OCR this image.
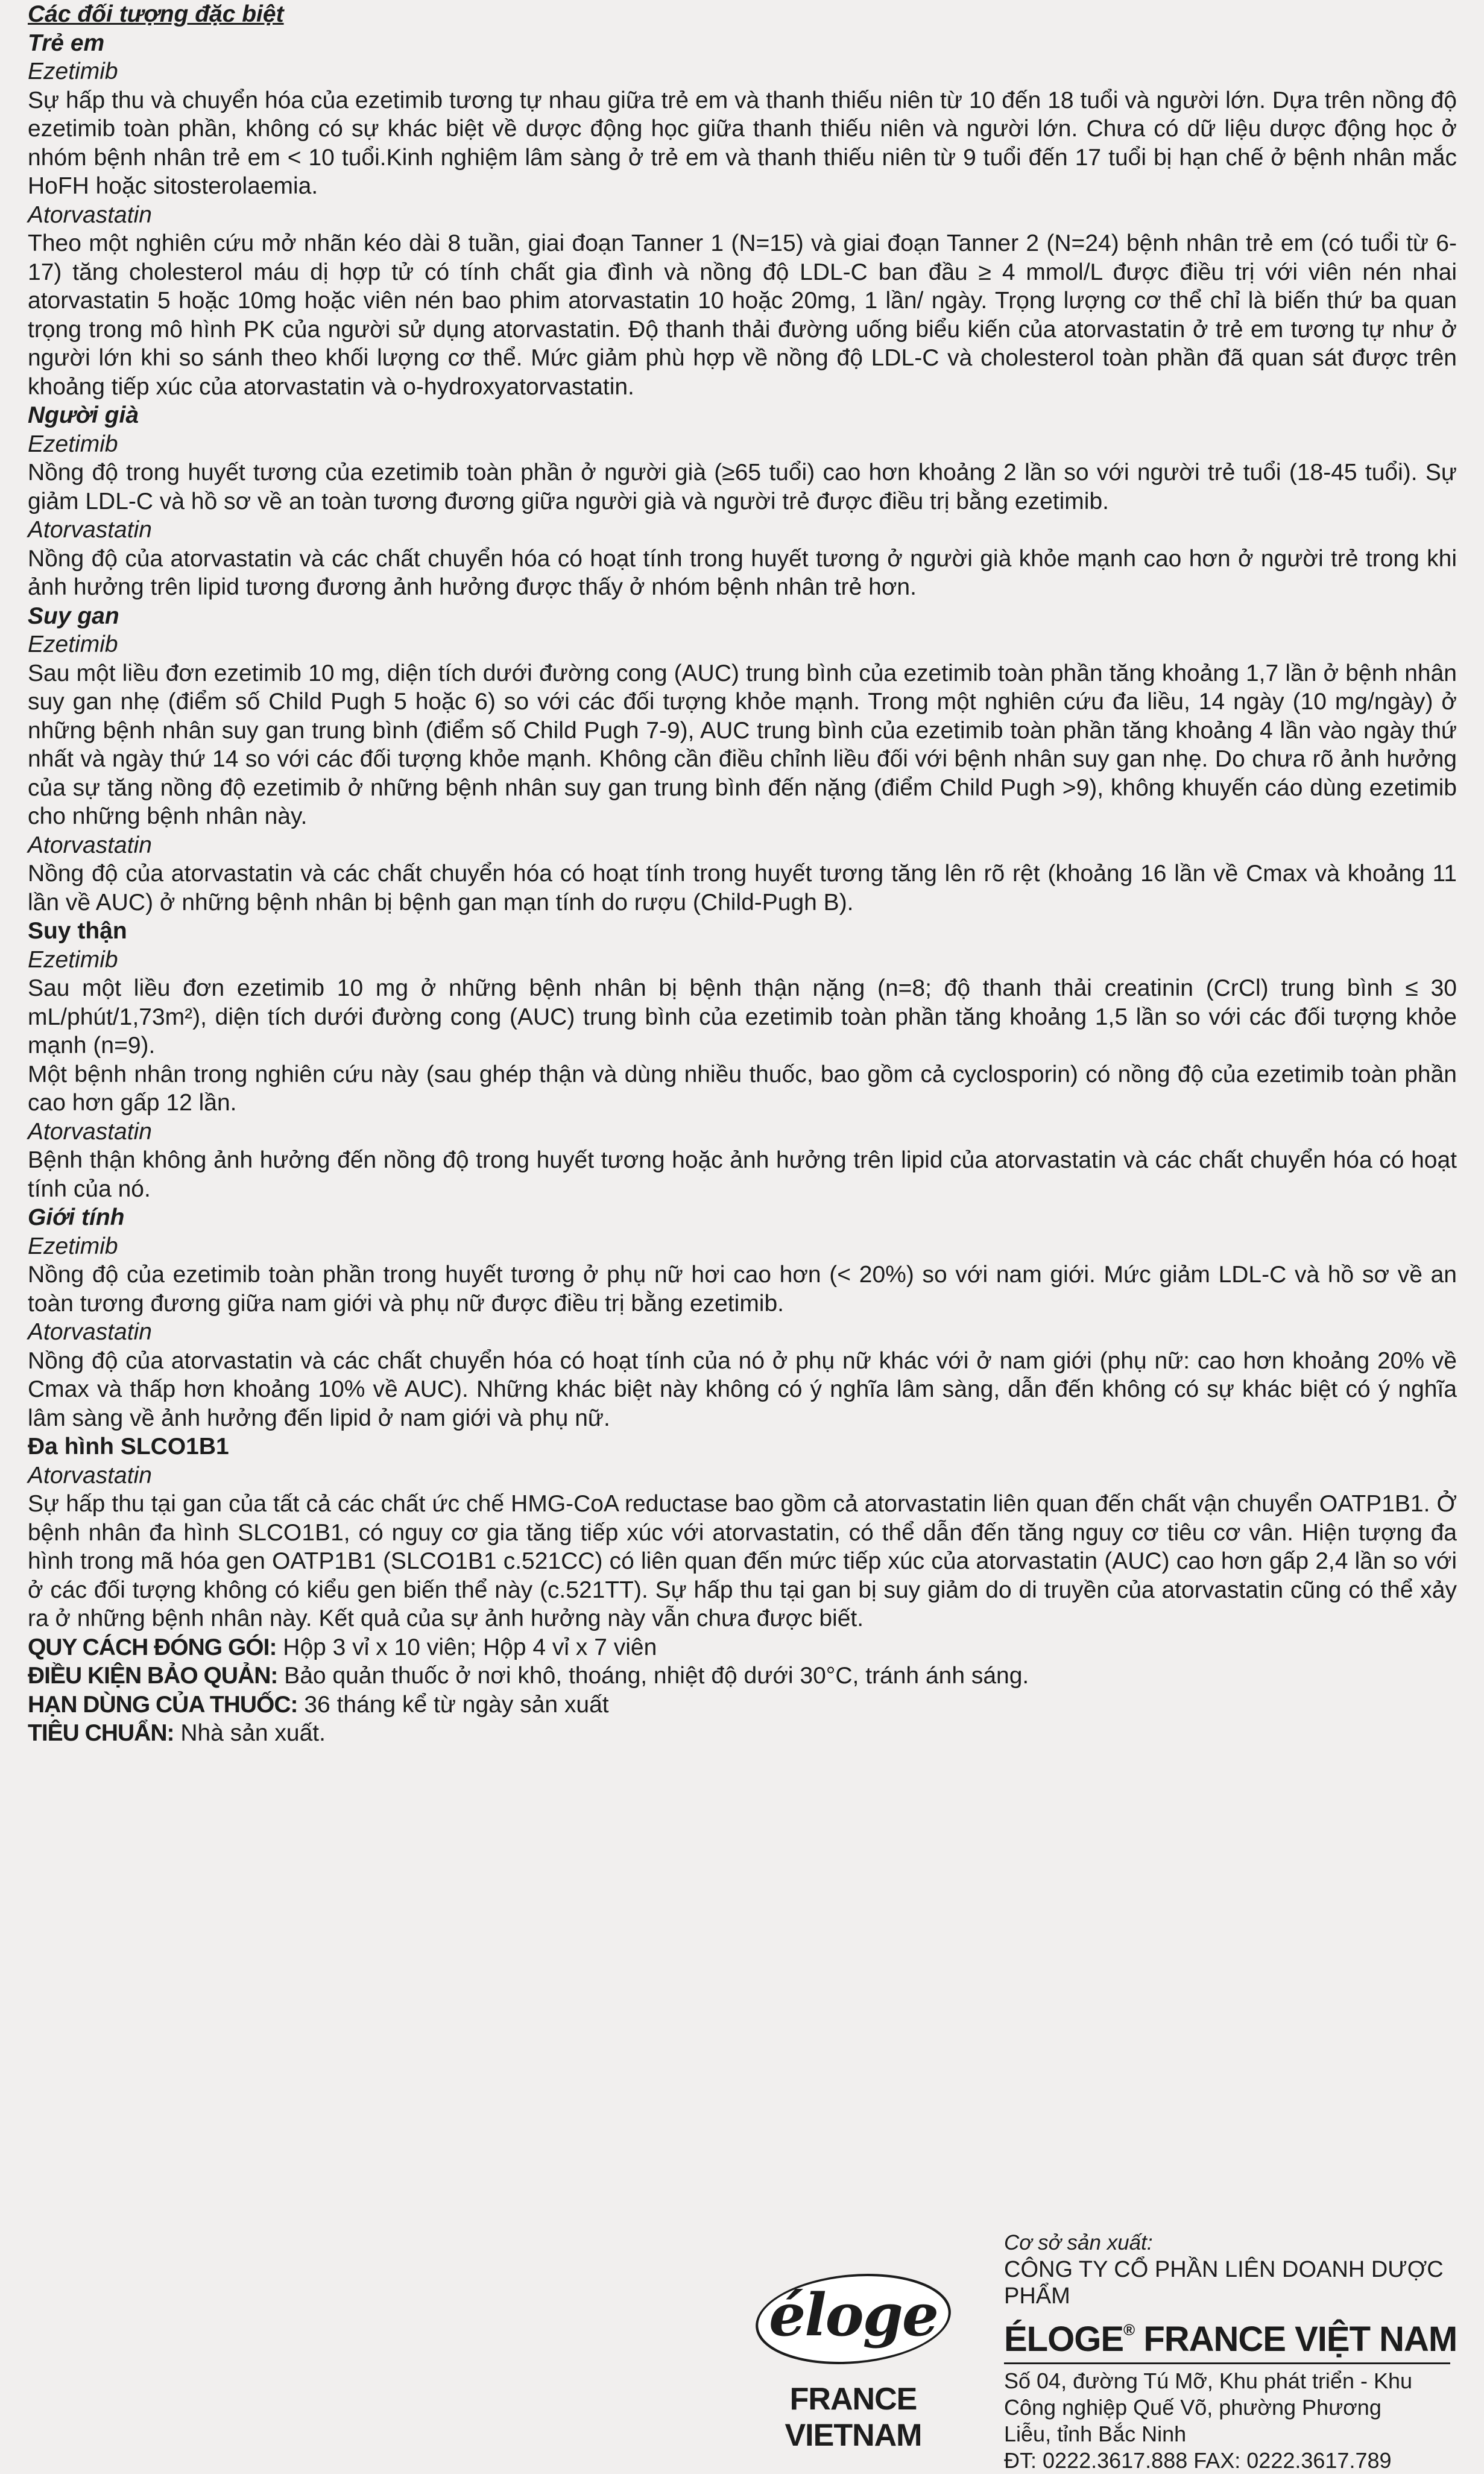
Các đối tượng đặc biệt
Trẻ em
Ezetimib
Sự hấp thu và chuyển hóa của ezetimib tương tự nhau giữa trẻ em và thanh thiếu niên từ 10 đến 18 tuổi và người lớn. Dựa trên nồng độ ezetimib toàn phần, không có sự khác biệt về dược động học giữa thanh thiếu niên và người lớn. Chưa có dữ liệu dược động học ở nhóm bệnh nhân trẻ em < 10 tuổi.Kinh nghiệm lâm sàng ở trẻ em và thanh thiếu niên từ 9 tuổi đến 17 tuổi bị hạn chế ở bệnh nhân mắc HoFH hoặc sitosterolaemia.
Atorvastatin
Theo một nghiên cứu mở nhãn kéo dài 8 tuần, giai đoạn Tanner 1 (N=15) và giai đoạn Tanner 2 (N=24) bệnh nhân trẻ em (có tuổi từ 6-17) tăng cholesterol máu dị hợp tử có tính chất gia đình và nồng độ LDL-C ban đầu ≥ 4 mmol/L được điều trị với viên nén nhai atorvastatin 5 hoặc 10mg hoặc viên nén bao phim atorvastatin 10 hoặc 20mg, 1 lần/ ngày. Trọng lượng cơ thể chỉ là biến thứ ba quan trọng trong mô hình PK của người sử dụng atorvastatin. Độ thanh thải đường uống biểu kiến của atorvastatin ở trẻ em tương tự như ở người lớn khi so sánh theo khối lượng cơ thể. Mức giảm phù hợp về nồng độ LDL-C và cholesterol toàn phần đã quan sát được trên khoảng tiếp xúc của atorvastatin và o-hydroxyatorvastatin.
Người già
Ezetimib
Nồng độ trong huyết tương của ezetimib toàn phần ở người già (≥65 tuổi) cao hơn khoảng 2 lần so với người trẻ tuổi (18-45 tuổi). Sự giảm LDL-C và hồ sơ về an toàn tương đương giữa người già và người trẻ được điều trị bằng ezetimib.
Atorvastatin
Nồng độ của atorvastatin và các chất chuyển hóa có hoạt tính trong huyết tương ở người già khỏe mạnh cao hơn ở người trẻ trong khi ảnh hưởng trên lipid tương đương ảnh hưởng được thấy ở nhóm bệnh nhân trẻ hơn.
Suy gan
Ezetimib
Sau một liều đơn ezetimib 10 mg, diện tích dưới đường cong (AUC) trung bình của ezetimib toàn phần tăng khoảng 1,7 lần ở bệnh nhân suy gan nhẹ (điểm số Child Pugh 5 hoặc 6) so với các đối tượng khỏe mạnh. Trong một nghiên cứu đa liều, 14 ngày (10 mg/ngày) ở những bệnh nhân suy gan trung bình (điểm số Child Pugh 7-9), AUC trung bình của ezetimib toàn phần tăng khoảng 4 lần vào ngày thứ nhất và ngày thứ 14 so với các đối tượng khỏe mạnh. Không cần điều chỉnh liều đối với bệnh nhân suy gan nhẹ. Do chưa rõ ảnh hưởng của sự tăng nồng độ ezetimib ở những bệnh nhân suy gan trung bình đến nặng (điểm Child Pugh >9), không khuyến cáo dùng ezetimib cho những bệnh nhân này.
Atorvastatin
Nồng độ của atorvastatin và các chất chuyển hóa có hoạt tính trong huyết tương tăng lên rõ rệt (khoảng 16 lần về Cmax và khoảng 11 lần về AUC) ở những bệnh nhân bị bệnh gan mạn tính do rượu (Child-Pugh B).
Suy thận
Ezetimib
Sau một liều đơn ezetimib 10 mg ở những bệnh nhân bị bệnh thận nặng (n=8; độ thanh thải creatinin (CrCl) trung bình ≤ 30 mL/phút/1,73m²), diện tích dưới đường cong (AUC) trung bình của ezetimib toàn phần tăng khoảng 1,5 lần so với các đối tượng khỏe mạnh (n=9).
Một bệnh nhân trong nghiên cứu này (sau ghép thận và dùng nhiều thuốc, bao gồm cả cyclosporin) có nồng độ của ezetimib toàn phần cao hơn gấp 12 lần.
Atorvastatin
Bệnh thận không ảnh hưởng đến nồng độ trong huyết tương hoặc ảnh hưởng trên lipid của atorvastatin và các chất chuyển hóa có hoạt tính của nó.
Giới tính
Ezetimib
Nồng độ của ezetimib toàn phần trong huyết tương ở phụ nữ hơi cao hơn (< 20%) so với nam giới. Mức giảm LDL-C và hồ sơ về an toàn tương đương giữa nam giới và phụ nữ được điều trị bằng ezetimib.
Atorvastatin
Nồng độ của atorvastatin và các chất chuyển hóa có hoạt tính của nó ở phụ nữ khác với ở nam giới (phụ nữ: cao hơn khoảng 20% về Cmax và thấp hơn khoảng 10% về AUC). Những khác biệt này không có ý nghĩa lâm sàng, dẫn đến không có sự khác biệt có ý nghĩa lâm sàng về ảnh hưởng đến lipid ở nam giới và phụ nữ.
Đa hình SLCO1B1
Atorvastatin
Sự hấp thu tại gan của tất cả các chất ức chế HMG-CoA reductase bao gồm cả atorvastatin liên quan đến chất vận chuyển OATP1B1. Ở bệnh nhân đa hình SLCO1B1, có nguy cơ gia tăng tiếp xúc với atorvastatin, có thể dẫn đến tăng nguy cơ tiêu cơ vân. Hiện tượng đa hình trong mã hóa gen OATP1B1 (SLCO1B1 c.521CC) có liên quan đến mức tiếp xúc của atorvastatin (AUC) cao hơn gấp 2,4 lần so với ở các đối tượng không có kiểu gen biến thể này (c.521TT). Sự hấp thu tại gan bị suy giảm do di truyền của atorvastatin cũng có thể xảy ra ở những bệnh nhân này. Kết quả của sự ảnh hưởng này vẫn chưa được biết.
QUY CÁCH ĐÓNG GÓI: Hộp 3 vỉ x 10 viên; Hộp 4 vỉ x 7 viên
ĐIỀU KIỆN BẢO QUẢN: Bảo quản thuốc ở nơi khô, thoáng, nhiệt độ dưới 30°C, tránh ánh sáng.
HẠN DÙNG CỦA THUỐC: 36 tháng kể từ ngày sản xuất
TIÊU CHUẨN: Nhà sản xuất.
éloge
FRANCE VIETNAM
Cơ sở sản xuất:
CÔNG TY CỔ PHẦN LIÊN DOANH DƯỢC PHẨM
ÉLOGE® FRANCE VIỆT NAM
Số 04, đường Tú Mỡ, Khu phát triển - Khu
Công nghiệp Quế Võ, phường Phương
Liễu, tỉnh Bắc Ninh
ĐT: 0222.3617.888 FAX: 0222.3617.789
